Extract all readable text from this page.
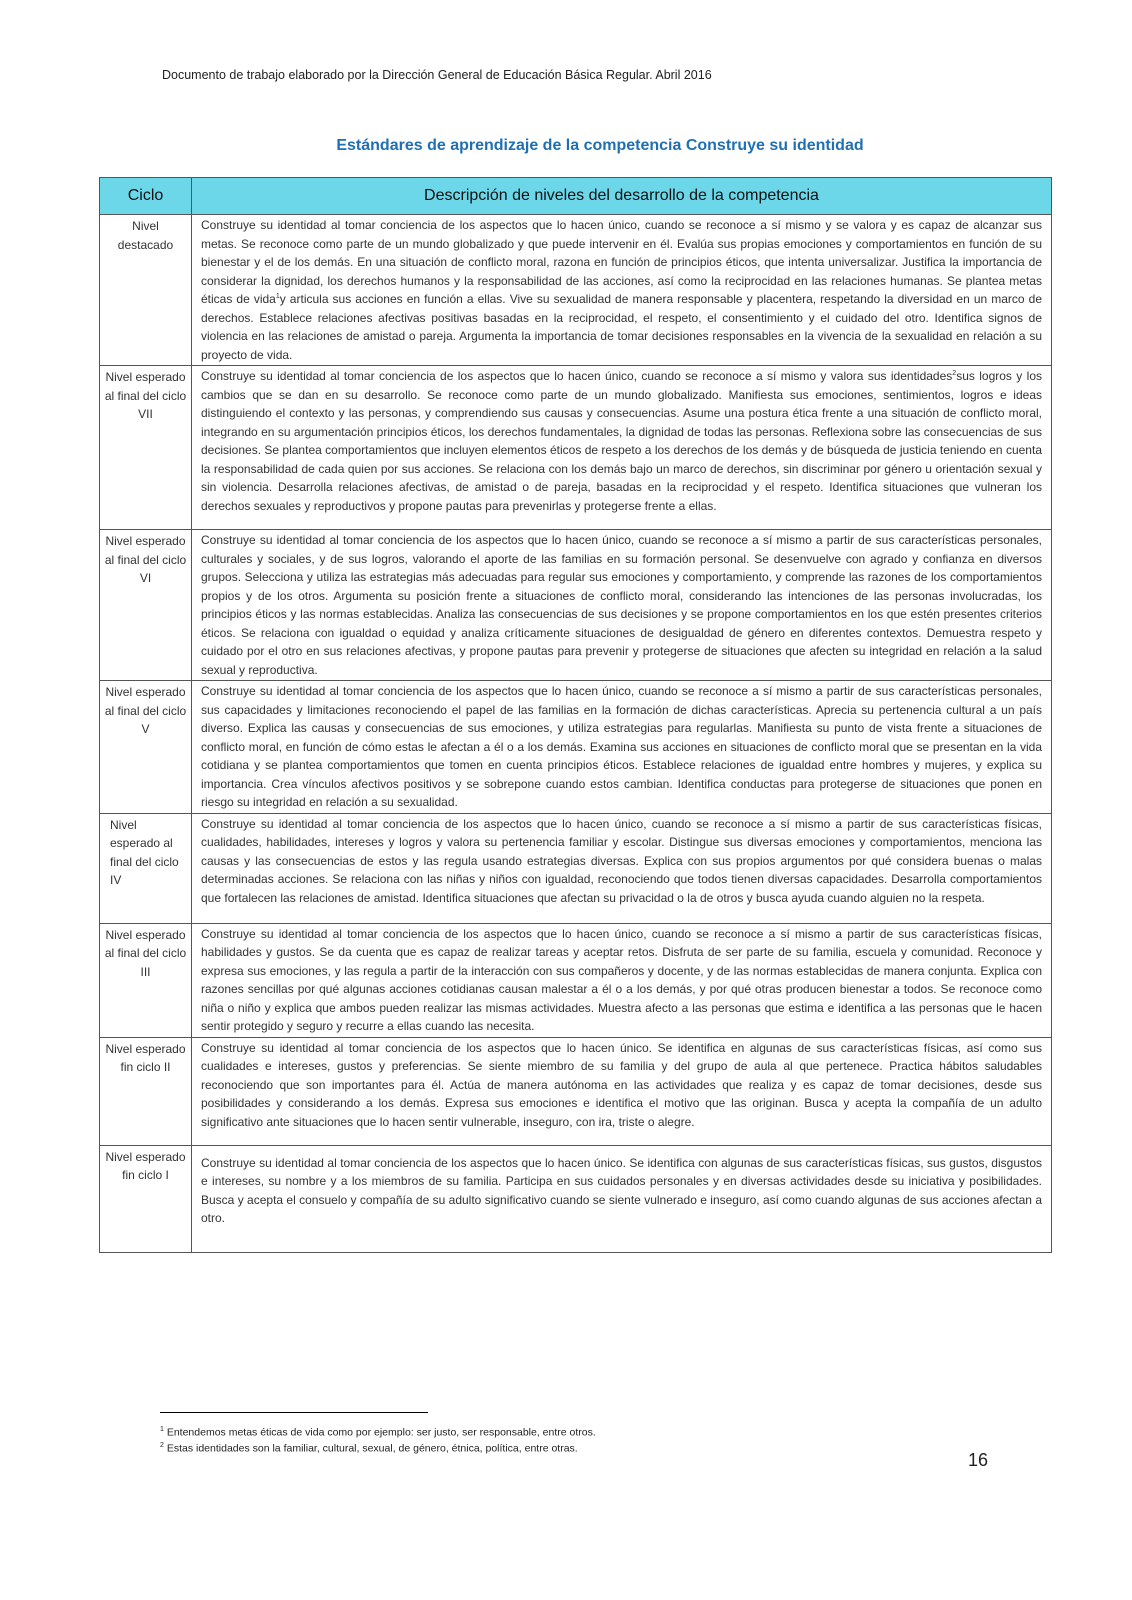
Documento de trabajo elaborado por la Dirección General de Educación Básica Regular. Abril 2016
Estándares de aprendizaje de la competencia Construye su identidad
Ciclo	Descripción de niveles del desarrollo de la competencia
Nivel destacado	Construye su identidad al tomar conciencia de los aspectos que lo hacen único, cuando se reconoce a sí mismo y se valora y es capaz de alcanzar sus metas. Se reconoce como parte de un mundo globalizado y que puede intervenir en él. Evalúa sus propias emociones y comportamientos en función de su bienestar y el de los demás. En una situación de conflicto moral, razona en función de principios éticos, que intenta universalizar. Justifica la importancia de considerar la dignidad, los derechos humanos y la responsabilidad de las acciones, así como la reciprocidad en las relaciones humanas. Se plantea metas éticas de vida$^1$y articula sus acciones en función a ellas. Vive su sexualidad de manera responsable y placentera, respetando la diversidad en un marco de derechos. Establece relaciones afectivas positivas basadas en la reciprocidad, el respeto, el consentimiento y el cuidado del otro. Identifica signos de violencia en las relaciones de amistad o pareja. Argumenta la importancia de tomar decisiones responsables en la vivencia de la sexualidad en relación a su proyecto de vida.
Nivel esperado al final del ciclo VII	Construye su identidad al tomar conciencia de los aspectos que lo hacen único, cuando se reconoce a sí mismo y valora sus identidades$^2$sus logros y los cambios que se dan en su desarrollo. Se reconoce como parte de un mundo globalizado. Manifiesta sus emociones, sentimientos, logros e ideas distinguiendo el contexto y las personas, y comprendiendo sus causas y consecuencias. Asume una postura ética frente a una situación de conflicto moral, integrando en su argumentación principios éticos, los derechos fundamentales, la dignidad de todas las personas. Reflexiona sobre las consecuencias de sus decisiones. Se plantea comportamientos que incluyen elementos éticos de respeto a los derechos de los demás y de búsqueda de justicia teniendo en cuenta la responsabilidad de cada quien por sus acciones. Se relaciona con los demás bajo un marco de derechos, sin discriminar por género u orientación sexual y sin violencia. Desarrolla relaciones afectivas, de amistad o de pareja, basadas en la reciprocidad y el respeto. Identifica situaciones que vulneran los derechos sexuales y reproductivos y propone pautas para prevenirlas y protegerse frente a ellas.
Nivel esperado al final del ciclo VI	Construye su identidad al tomar conciencia de los aspectos que lo hacen único, cuando se reconoce a sí mismo a partir de sus características personales, culturales y sociales, y de sus logros, valorando el aporte de las familias en su formación personal. Se desenvuelve con agrado y confianza en diversos grupos. Selecciona y utiliza las estrategias más adecuadas para regular sus emociones y comportamiento, y comprende las razones de los comportamientos propios y de los otros. Argumenta su posición frente a situaciones de conflicto moral, considerando las intenciones de las personas involucradas, los principios éticos y las normas establecidas. Analiza las consecuencias de sus decisiones y se propone comportamientos en los que estén presentes criterios éticos. Se relaciona con igualdad o equidad y analiza críticamente situaciones de desigualdad de género en diferentes contextos. Demuestra respeto y cuidado por el otro en sus relaciones afectivas, y propone pautas para prevenir y protegerse de situaciones que afecten su integridad en relación a la salud sexual y reproductiva.
Nivel esperado al final del ciclo V	Construye su identidad al tomar conciencia de los aspectos que lo hacen único, cuando se reconoce a sí mismo a partir de sus características personales, sus capacidades y limitaciones reconociendo el papel de las familias en la formación de dichas características. Aprecia su pertenencia cultural a un país diverso. Explica las causas y consecuencias de sus emociones, y utiliza estrategias para regularlas. Manifiesta su punto de vista frente a situaciones de conflicto moral, en función de cómo estas le afectan a él o a los demás. Examina sus acciones en situaciones de conflicto moral que se presentan en la vida cotidiana y se plantea comportamientos que tomen en cuenta principios éticos. Establece relaciones de igualdad entre hombres y mujeres, y explica su importancia. Crea vínculos afectivos positivos y se sobrepone cuando estos cambian. Identifica conductas para protegerse de situaciones que ponen en riesgo su integridad en relación a su sexualidad.
Nivel esperado al final del ciclo IV	Construye su identidad al tomar conciencia de los aspectos que lo hacen único, cuando se reconoce a sí mismo a partir de sus características físicas, cualidades, habilidades, intereses y logros y valora su pertenencia familiar y escolar. Distingue sus diversas emociones y comportamientos, menciona las causas y las consecuencias de estos y las regula usando estrategias diversas. Explica con sus propios argumentos por qué considera buenas o malas determinadas acciones. Se relaciona con las niñas y niños con igualdad, reconociendo que todos tienen diversas capacidades. Desarrolla comportamientos que fortalecen las relaciones de amistad. Identifica situaciones que afectan su privacidad o la de otros y busca ayuda cuando alguien no la respeta.
Nivel esperado al final del ciclo III	Construye su identidad al tomar conciencia de los aspectos que lo hacen único, cuando se reconoce a sí mismo a partir de sus características físicas, habilidades y gustos. Se da cuenta que es capaz de realizar tareas y aceptar retos. Disfruta de ser parte de su familia, escuela y comunidad. Reconoce y expresa sus emociones, y las regula a partir de la interacción con sus compañeros y docente, y de las normas establecidas de manera conjunta. Explica con razones sencillas por qué algunas acciones cotidianas causan malestar a él o a los demás, y por qué otras producen bienestar a todos. Se reconoce como niña o niño y explica que ambos pueden realizar las mismas actividades. Muestra afecto a las personas que estima e identifica a las personas que le hacen sentir protegido y seguro y recurre a ellas cuando las necesita.
Nivel esperado fin ciclo II	Construye su identidad al tomar conciencia de los aspectos que lo hacen único. Se identifica en algunas de sus características físicas, así como sus cualidades e intereses, gustos y preferencias. Se siente miembro de su familia y del grupo de aula al que pertenece. Practica hábitos saludables reconociendo que son importantes para él. Actúa de manera autónoma en las actividades que realiza y es capaz de tomar decisiones, desde sus posibilidades y considerando a los demás. Expresa sus emociones e identifica el motivo que las originan. Busca y acepta la compañía de un adulto significativo ante situaciones que lo hacen sentir vulnerable, inseguro, con ira, triste o alegre.
Nivel esperado fin ciclo I	Construye su identidad al tomar conciencia de los aspectos que lo hacen único. Se identifica con algunas de sus características físicas, sus gustos, disgustos e intereses, su nombre y a los miembros de su familia. Participa en sus cuidados personales y en diversas actividades desde su iniciativa y posibilidades. Busca y acepta el consuelo y compañía de su adulto significativo cuando se siente vulnerado e inseguro, así como cuando algunas de sus acciones afectan a otro.
$^1$ Entendemos metas éticas de vida como por ejemplo: ser justo, ser responsable, entre otros.
$^2$ Estas identidades son la familiar, cultural, sexual, de género, étnica, política, entre otras.
16
